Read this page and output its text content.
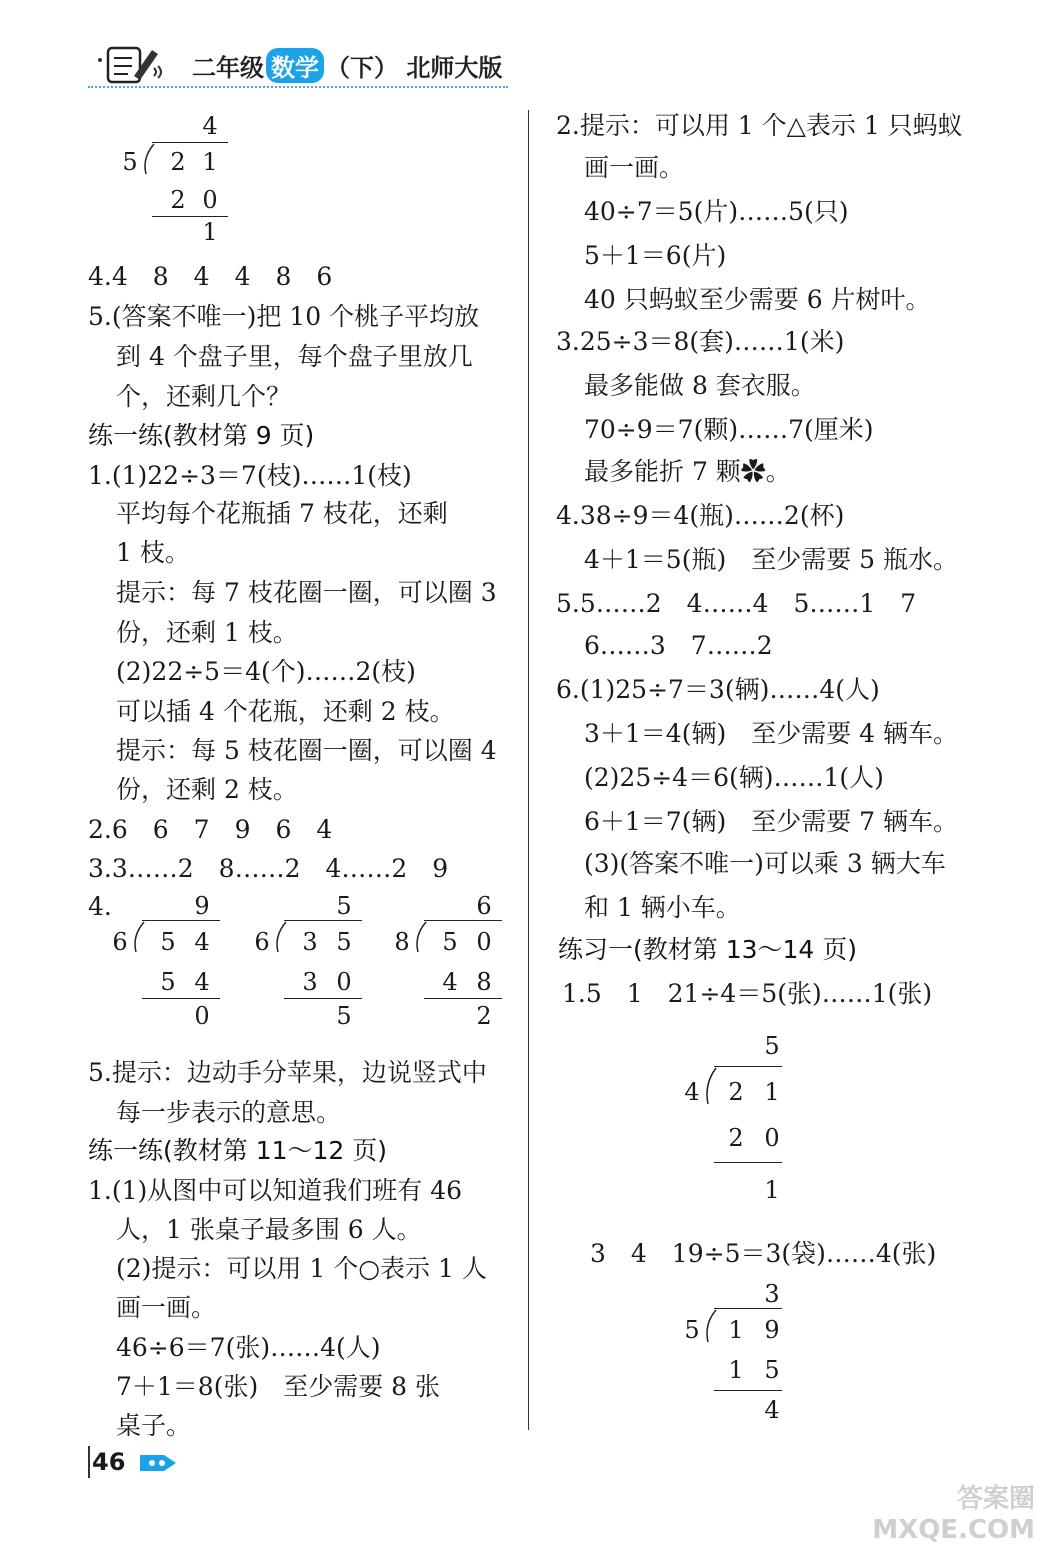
二年级 数学 （下） 北师大版
4
5	2 1
2 0
1
4.4　8　4　4　8　6
5.(答案不唯一)把 10 个桃子平均放
到 4 个盘子里，每个盘子里放几
个，还剩几个？
练一练(教材第 9 页)
1.(1)22÷3＝7(枝)……1(枝)
平均每个花瓶插 7 枝花，还剩
1 枝。
提示：每 7 枝花圈一圈，可以圈 3
份，还剩 1 枝。
(2)22÷5＝4(个)……2(枝)
可以插 4 个花瓶，还剩 2 枝。
提示：每 5 枝花圈一圈，可以圈 4
份，还剩 2 枝。
2.6　6　7　9　6　4
3.3……2　8……2　4……2　9
4.	9
6	5 4
5 4
0
5
6	3 5
3 0
5
6
8	5 0
4 8
2
5.提示：边动手分苹果，边说竖式中
每一步表示的意思。
练一练(教材第 11～12 页)
1.(1)从图中可以知道我们班有 46
人，1 张桌子最多围 6 人。
(2)提示：可以用 1 个○表示 1 人
画一画。
46÷6＝7(张)……4(人)
7＋1＝8(张)　至少需要 8 张
桌子。
2.提示：可以用 1 个△表示 1 只蚂蚁
画一画。
40÷7＝5(片)……5(只)
5＋1＝6(片)
40 只蚂蚁至少需要 6 片树叶。
3.25÷3＝8(套)……1(米)
最多能做 8 套衣服。
70÷9＝7(颗)……7(厘米)
最多能折 7 颗✿。
4.38÷9＝4(瓶)……2(杯)
4＋1＝5(瓶)　至少需要 5 瓶水。
5.5……2　4……4　5……1　7
6……3　7……2
6.(1)25÷7＝3(辆)……4(人)
3＋1＝4(辆)　至少需要 4 辆车。
(2)25÷4＝6(辆)……1(人)
6＋1＝7(辆)　至少需要 7 辆车。
(3)(答案不唯一)可以乘 3 辆大车
和 1 辆小车。
练习一(教材第 13～14 页)
1.5　1　21÷4＝5(张)……1(张)
5
4	2 1
2 0
1
3　4　19÷5＝3(袋)……4(张)
3
5	1 9
1 5
4
46
答案圈 MXQE.COM
